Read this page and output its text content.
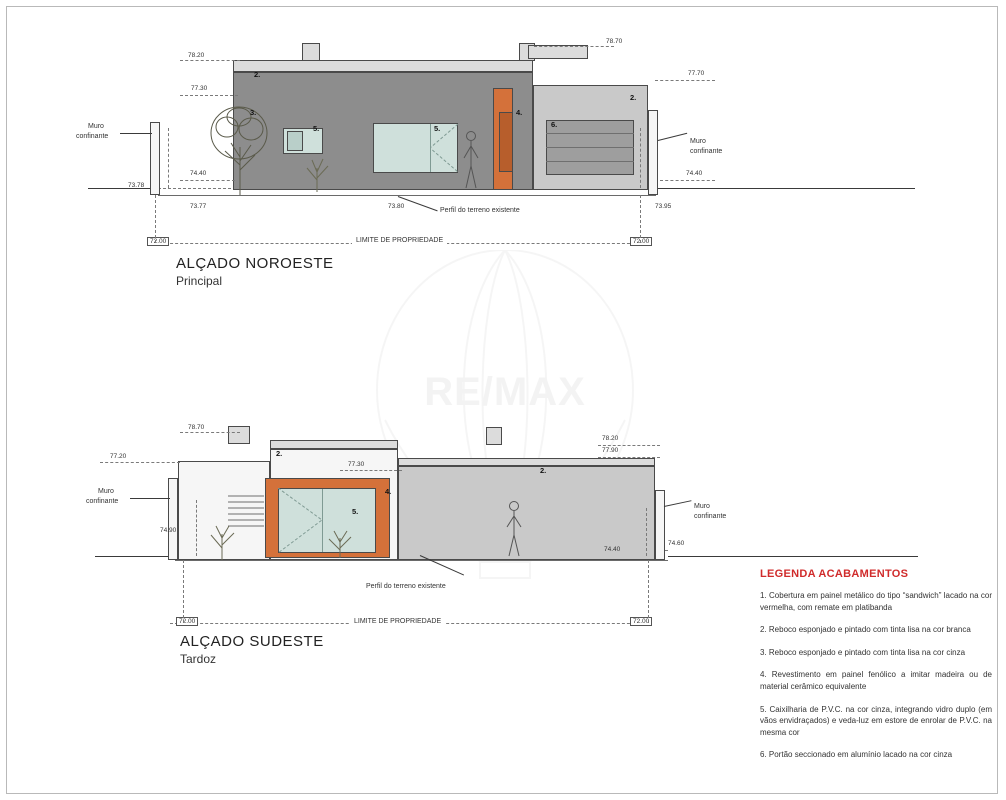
RE/MAX
78.20
78.70
77.70
77.30
74.40	74.40
73.78
73.77	73.80	73.95

LIMITE DE PROPRIEDADE
72.00	72.00
Perfil do terreno existente
Muro
confinante
Muro
confinante
2.
2.
3.
5.	5.
4.
6.
ALÇADO NOROESTE
Principal
78.70
77.20
77.30
78.20
77.90
74.90
74.40
74.60
LIMITE DE PROPRIEDADE
72.00	72.00
Perfil do terreno existente
Muro
confinante
Muro
confinante
2.
2.
4.
5.
ALÇADO SUDESTE
Tardoz
LEGENDA ACABAMENTOS

1. Cobertura em painel metálico do tipo “sandwich” lacado na cor vermelha, com remate em platibanda

2. Reboco esponjado e pintado com tinta lisa na cor branca

3. Reboco esponjado e pintado com tinta lisa na cor cinza

4. Revestimento em painel fenólico a imitar madeira ou de material cerâmico equivalente

5. Caixilharia de P.V.C. na cor cinza, integrando vidro duplo (em vãos envidraçados) e veda-luz em estore de enrolar de P.V.C. na mesma cor

6. Portão seccionado em alumínio lacado na cor cinza
